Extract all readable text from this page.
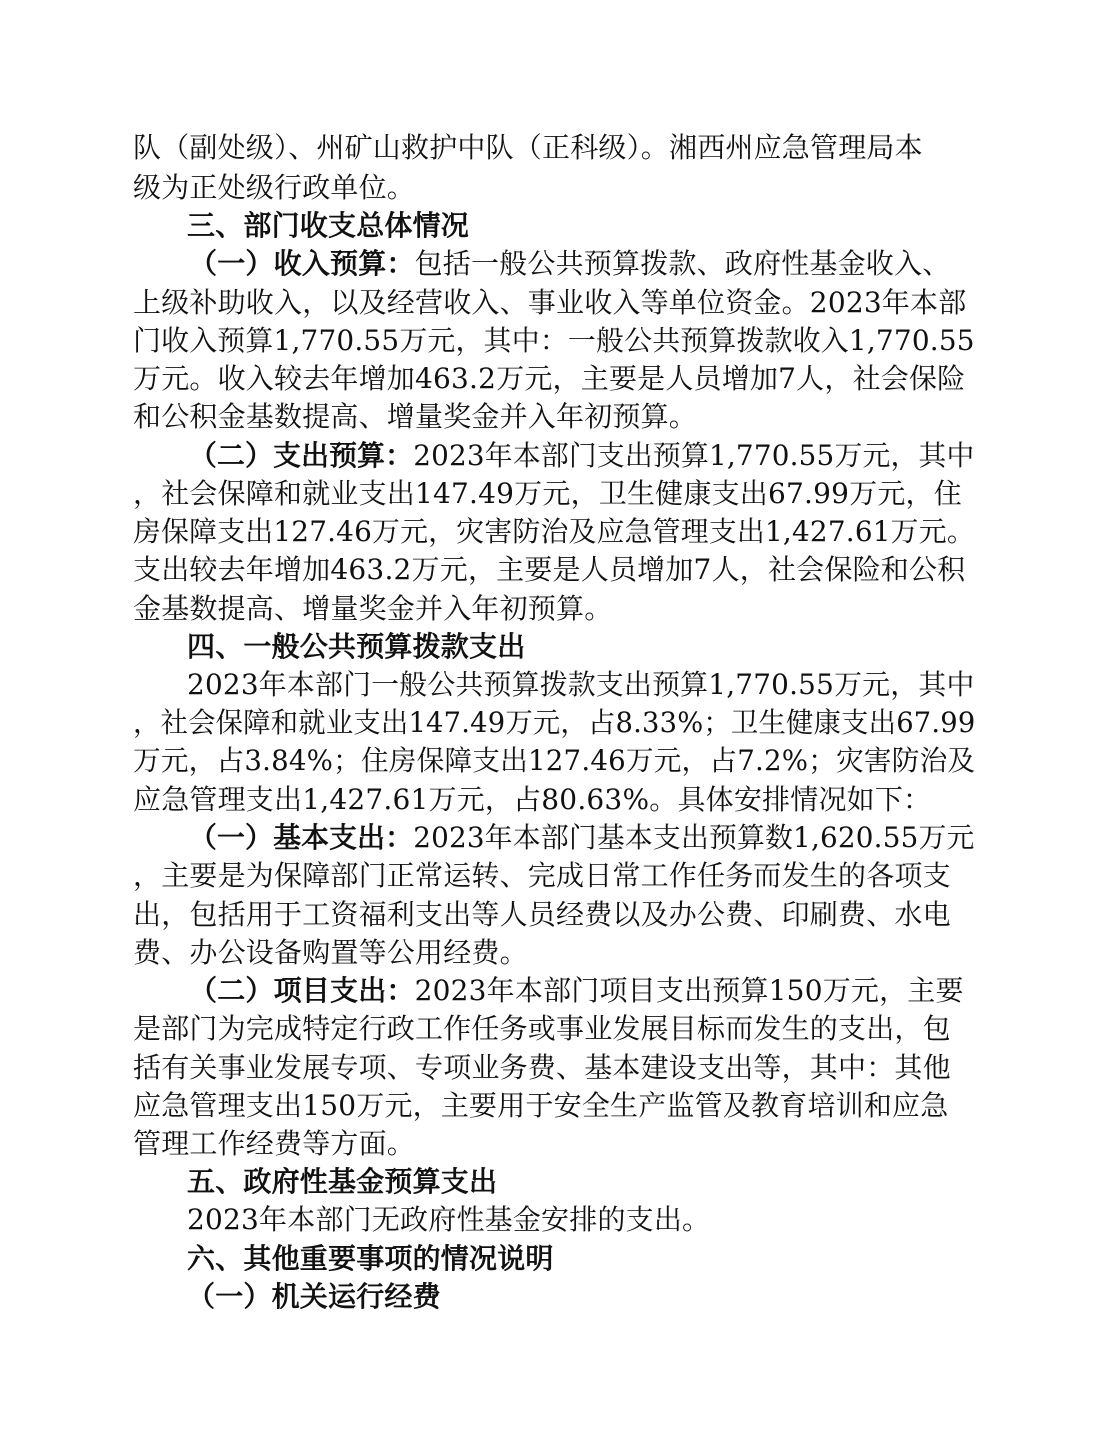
队（副处级）、州矿山救护中队（正科级）。湘西州应急管理局本
级为正处级行政单位。
三、部门收支总体情况
（一）收入预算：包括一般公共预算拨款、政府性基金收入、
上级补助收入，以及经营收入、事业收入等单位资金。2023年本部
门收入预算1,770.55万元，其中：一般公共预算拨款收入1,770.55
万元。收入较去年增加463.2万元，主要是人员增加7人，社会保险
和公积金基数提高、增量奖金并入年初预算。
（二）支出预算：2023年本部门支出预算1,770.55万元，其中
，社会保障和就业支出147.49万元，卫生健康支出67.99万元，住
房保障支出127.46万元，灾害防治及应急管理支出1,427.61万元。
支出较去年增加463.2万元，主要是人员增加7人，社会保险和公积
金基数提高、增量奖金并入年初预算。
四、一般公共预算拨款支出
2023年本部门一般公共预算拨款支出预算1,770.55万元，其中
，社会保障和就业支出147.49万元，占8.33%；卫生健康支出67.99
万元，占3.84%；住房保障支出127.46万元，占7.2%；灾害防治及
应急管理支出1,427.61万元，占80.63%。具体安排情况如下：
（一）基本支出：2023年本部门基本支出预算数1,620.55万元
，主要是为保障部门正常运转、完成日常工作任务而发生的各项支
出，包括用于工资福利支出等人员经费以及办公费、印刷费、水电
费、办公设备购置等公用经费。
（二）项目支出：2023年本部门项目支出预算150万元，主要
是部门为完成特定行政工作任务或事业发展目标而发生的支出，包
括有关事业发展专项、专项业务费、基本建设支出等，其中：其他
应急管理支出150万元，主要用于安全生产监管及教育培训和应急
管理工作经费等方面。
五、政府性基金预算支出
2023年本部门无政府性基金安排的支出。
六、其他重要事项的情况说明
（一）机关运行经费
